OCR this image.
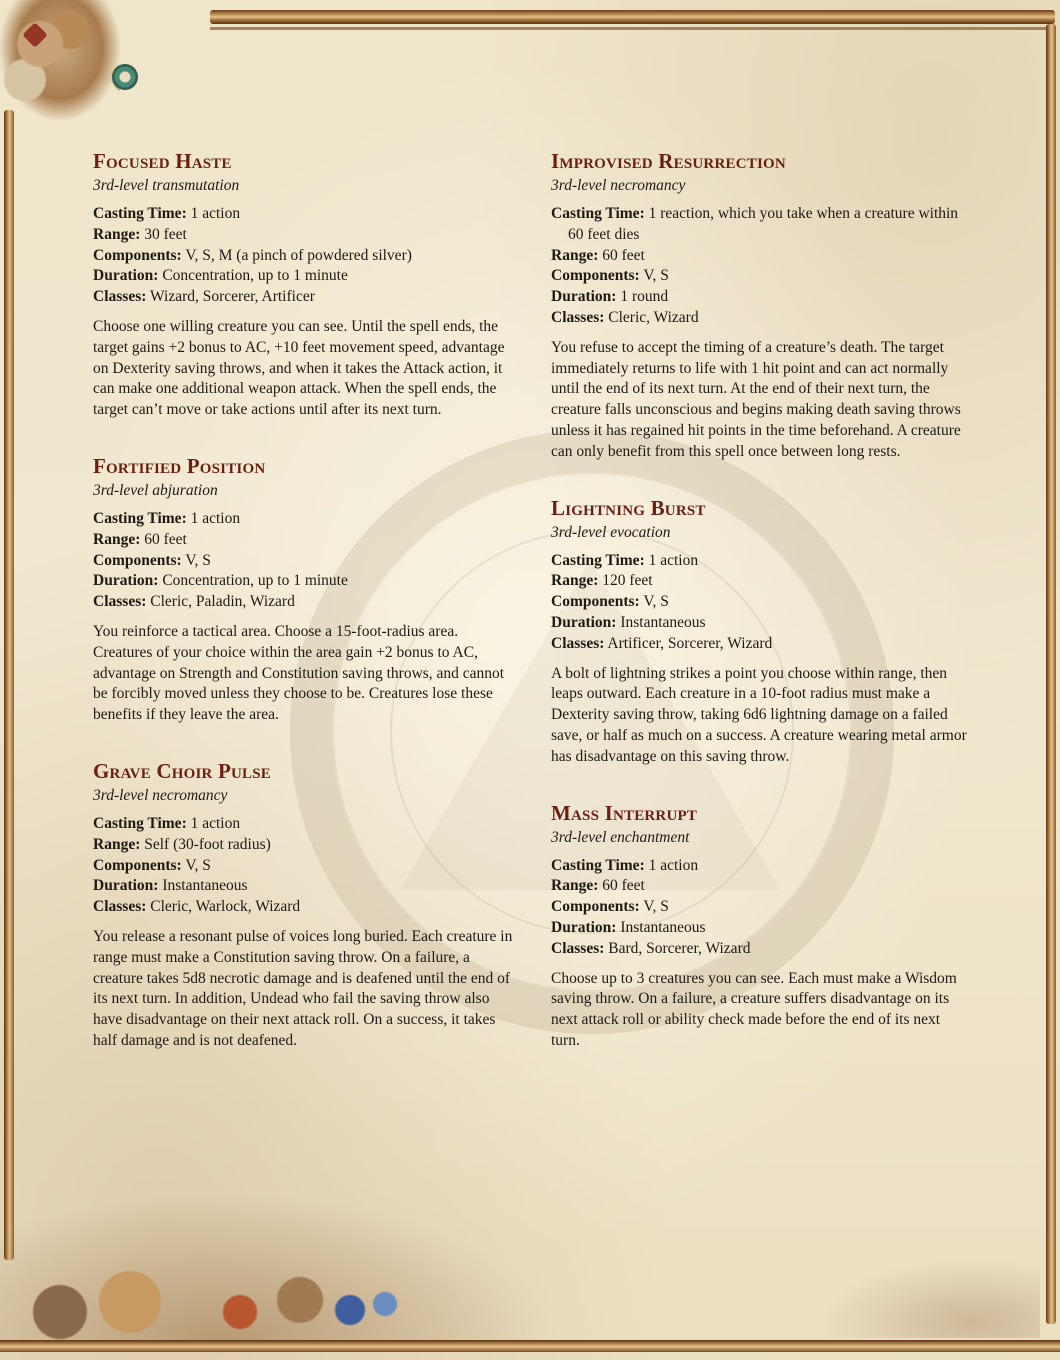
Focused Haste

3rd-level transmutation

Casting Time: 1 action

Range: 30 feet

Components: V, S, M (a pinch of powdered silver)

Duration: Concentration, up to 1 minute

Classes: Wizard, Sorcerer, Artificer

Choose one willing creature you can see. Until the spell ends, the target gains +2 bonus to AC, +10 feet movement speed, advantage on Dexterity saving throws, and when it takes the Attack action, it can make one additional weapon attack. When the spell ends, the target can’t move or take actions until after its next turn.

Fortified Position

3rd-level abjuration

Casting Time: 1 action

Range: 60 feet

Components: V, S

Duration: Concentration, up to 1 minute

Classes: Cleric, Paladin, Wizard

You reinforce a tactical area. Choose a 15-foot-radius area. Creatures of your choice within the area gain +2 bonus to AC, advantage on Strength and Constitution saving throws, and cannot be forcibly moved unless they choose to be. Creatures lose these benefits if they leave the area.

Grave Choir Pulse

3rd-level necromancy

Casting Time: 1 action

Range: Self (30-foot radius)

Components: V, S

Duration: Instantaneous

Classes: Cleric, Warlock, Wizard

You release a resonant pulse of voices long buried. Each creature in range must make a Constitution saving throw. On a failure, a creature takes 5d8 necrotic damage and is deafened until the end of its next turn. In addition, Undead who fail the saving throw also have disadvantage on their next attack roll. On a success, it takes half damage and is not deafened.

Improvised Resurrection

3rd-level necromancy

Casting Time: 1 reaction, which you take when a creature within 60 feet dies

Range: 60 feet

Components: V, S

Duration: 1 round

Classes: Cleric, Wizard

You refuse to accept the timing of a creature’s death. The target immediately returns to life with 1 hit point and can act normally until the end of its next turn. At the end of their next turn, the creature falls unconscious and begins making death saving throws unless it has regained hit points in the time beforehand. A creature can only benefit from this spell once between long rests.

Lightning Burst

3rd-level evocation

Casting Time: 1 action

Range: 120 feet

Components: V, S

Duration: Instantaneous

Classes: Artificer, Sorcerer, Wizard

A bolt of lightning strikes a point you choose within range, then leaps outward. Each creature in a 10-foot radius must make a Dexterity saving throw, taking 6d6 lightning damage on a failed save, or half as much on a success. A creature wearing metal armor has disadvantage on this saving throw.

Mass Interrupt

3rd-level enchantment

Casting Time: 1 action

Range: 60 feet

Components: V, S

Duration: Instantaneous

Classes: Bard, Sorcerer, Wizard

Choose up to 3 creatures you can see. Each must make a Wisdom saving throw. On a failure, a creature suffers disadvantage on its next attack roll or ability check made before the end of its next turn.
